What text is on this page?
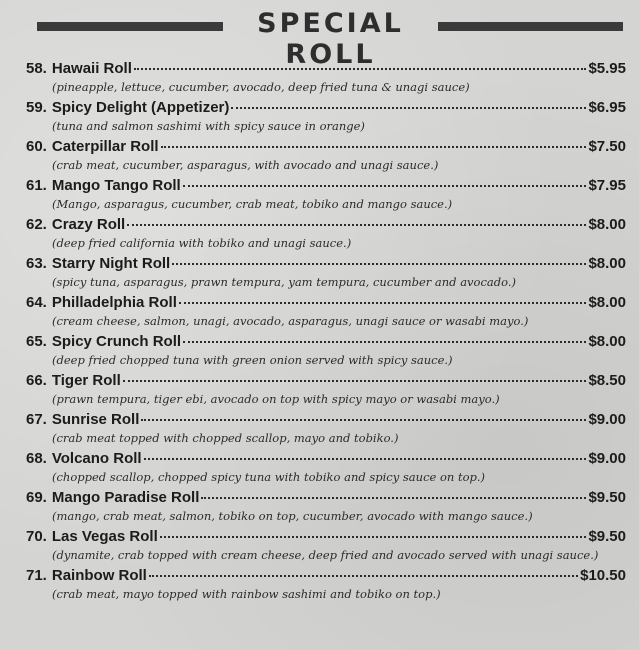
SPECIAL ROLL
58. Hawaii Roll	$5.95
(pineapple, lettuce, cucumber, avocado, deep fried tuna & unagi sauce)
59. Spicy Delight (Appetizer)	$6.95
(tuna and salmon sashimi with spicy sauce in orange)
60. Caterpillar Roll	$7.50
(crab meat, cucumber, asparagus, with avocado and unagi sauce.)
61. Mango Tango Roll	$7.95
(Mango, asparagus, cucumber, crab meat, tobiko and mango sauce.)
62. Crazy Roll	$8.00
(deep fried california with tobiko and unagi sauce.)
63. Starry Night Roll	$8.00
(spicy tuna, asparagus, prawn tempura, yam tempura, cucumber and avocado.)
64. Philladelphia Roll	$8.00
(cream cheese, salmon, unagi, avocado, asparagus, unagi sauce or wasabi mayo.)
65. Spicy Crunch Roll	$8.00
(deep fried chopped tuna with green onion served with spicy sauce.)
66. Tiger Roll	$8.50
(prawn tempura, tiger ebi, avocado on top with spicy mayo or wasabi mayo.)
67. Sunrise Roll	$9.00
(crab meat topped with chopped scallop, mayo and tobiko.)
68. Volcano Roll	$9.00
(chopped scallop, chopped spicy tuna with tobiko and spicy sauce on top.)
69. Mango Paradise Roll	$9.50
(mango, crab meat, salmon, tobiko on top, cucumber, avocado with mango sauce.)
70. Las Vegas Roll	$9.50
(dynamite, crab topped with cream cheese, deep fried and avocado served with unagi sauce.)
71. Rainbow Roll	$10.50
(crab meat, mayo topped with rainbow sashimi and tobiko on top.)
